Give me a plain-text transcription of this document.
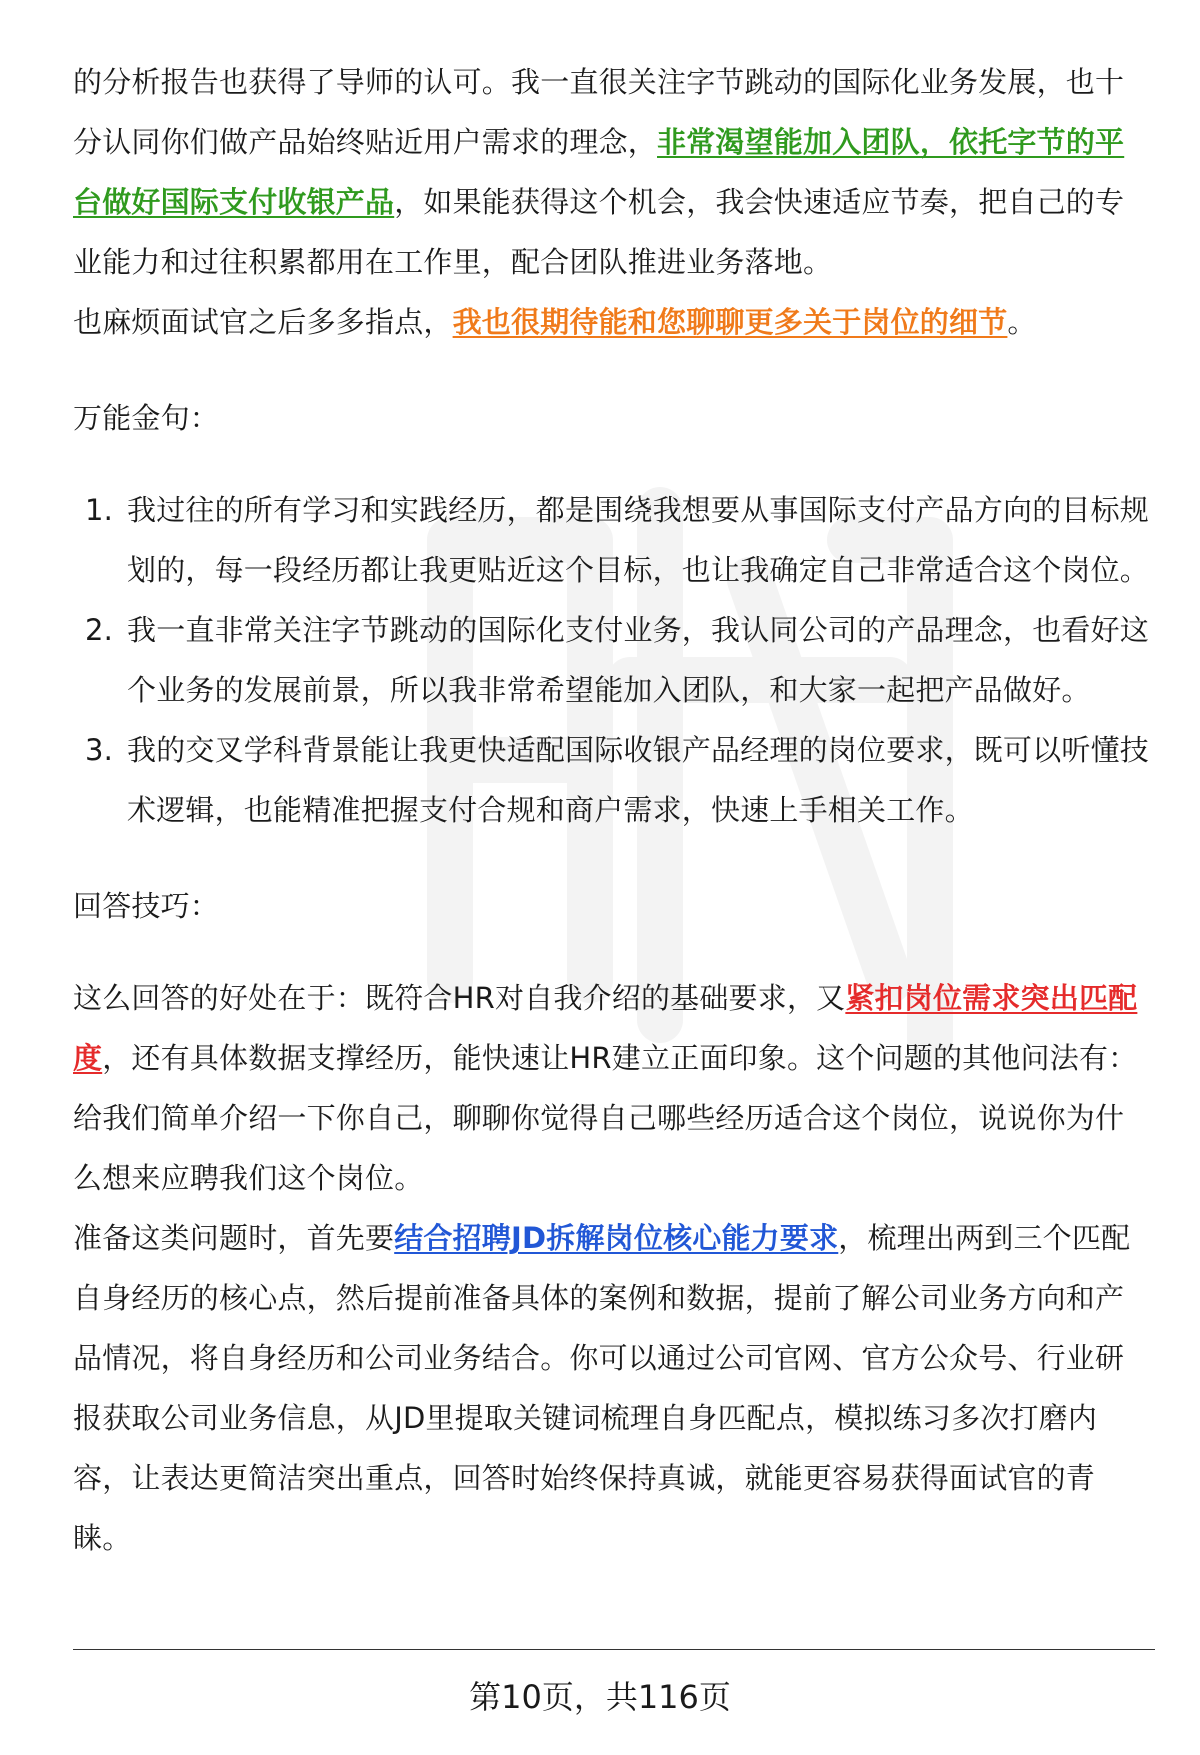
的分析报告也获得了导师的认可。我一直很关注字节跳动的国际化业务发展，也十分认同你们做产品始终贴近用户需求的理念，非常渴望能加入团队，依托字节的平台做好国际支付收银产品，如果能获得这个机会，我会快速适应节奏，把自己的专业能力和过往积累都用在工作里，配合团队推进业务落地。

也麻烦面试官之后多多指点，我也很期待能和您聊聊更多关于岗位的细节。

万能金句：

1. 我过往的所有学习和实践经历，都是围绕我想要从事国际支付产品方向的目标规划的，每一段经历都让我更贴近这个目标，也让我确定自己非常适合这个岗位。
2. 我一直非常关注字节跳动的国际化支付业务，我认同公司的产品理念，也看好这个业务的发展前景，所以我非常希望能加入团队，和大家一起把产品做好。
3. 我的交叉学科背景能让我更快适配国际收银产品经理的岗位要求，既可以听懂技术逻辑，也能精准把握支付合规和商户需求，快速上手相关工作。

回答技巧：

这么回答的好处在于：既符合HR对自我介绍的基础要求，又紧扣岗位需求突出匹配度，还有具体数据支撑经历，能快速让HR建立正面印象。这个问题的其他问法有：给我们简单介绍一下你自己，聊聊你觉得自己哪些经历适合这个岗位，说说你为什么想来应聘我们这个岗位。

准备这类问题时，首先要结合招聘JD拆解岗位核心能力要求，梳理出两到三个匹配自身经历的核心点，然后提前准备具体的案例和数据，提前了解公司业务方向和产品情况，将自身经历和公司业务结合。你可以通过公司官网、官方公众号、行业研报获取公司业务信息，从JD里提取关键词梳理自身匹配点，模拟练习多次打磨内容，让表达更简洁突出重点，回答时始终保持真诚，就能更容易获得面试官的青睐。

第10页，共116页
